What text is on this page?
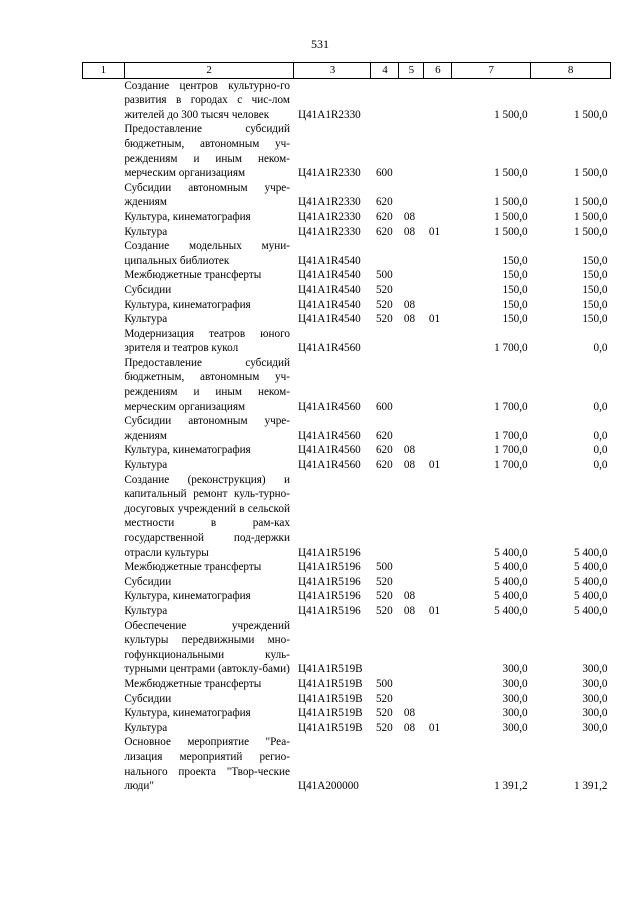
531
1	2	3	4	5	6	7	8
	Создание центров культурно-го развития в городах с чис-лом жителей до 300 тысяч человек	Ц41А1R2330				1 500,0	1 500,0
	Предоставление субсидий бюджетным, автономным уч-реждениям и иным неком-мерческим организациям	Ц41А1R2330	600			1 500,0	1 500,0
	Субсидии автономным учре-ждениям	Ц41А1R2330	620			1 500,0	1 500,0
	Культура, кинематография	Ц41А1R2330	620	08		1 500,0	1 500,0
	Культура	Ц41А1R2330	620	08	01	1 500,0	1 500,0
	Создание модельных муни-ципальных библиотек	Ц41А1R4540				150,0	150,0
	Межбюджетные трансферты	Ц41А1R4540	500			150,0	150,0
	Субсидии	Ц41А1R4540	520			150,0	150,0
	Культура, кинематография	Ц41А1R4540	520	08		150,0	150,0
	Культура	Ц41А1R4540	520	08	01	150,0	150,0
	Модернизация театров юного зрителя и театров кукол	Ц41А1R4560				1 700,0	0,0
	Предоставление субсидий бюджетным, автономным уч-реждениям и иным неком-мерческим организациям	Ц41А1R4560	600			1 700,0	0,0
	Субсидии автономным учре-ждениям	Ц41А1R4560	620			1 700,0	0,0
	Культура, кинематография	Ц41А1R4560	620	08		1 700,0	0,0
	Культура	Ц41А1R4560	620	08	01	1 700,0	0,0
	Создание (реконструкция) и капитальный ремонт куль-турно-досуговых учреждений в сельской местности в рам-ках государственной под-держки отрасли культуры	Ц41А1R5196				5 400,0	5 400,0
	Межбюджетные трансферты	Ц41А1R5196	500			5 400,0	5 400,0
	Субсидии	Ц41А1R5196	520			5 400,0	5 400,0
	Культура, кинематография	Ц41А1R5196	520	08		5 400,0	5 400,0
	Культура	Ц41А1R5196	520	08	01	5 400,0	5 400,0
	Обеспечение учреждений культуры передвижными мно-гофункциональными куль-турными центрами (автоклу-бами)	Ц41А1R519В				300,0	300,0
	Межбюджетные трансферты	Ц41А1R519В	500			300,0	300,0
	Субсидии	Ц41А1R519В	520			300,0	300,0
	Культура, кинематография	Ц41А1R519В	520	08		300,0	300,0
	Культура	Ц41А1R519В	520	08	01	300,0	300,0
	Основное мероприятие "Реа-лизация мероприятий регио-нального проекта "Твор-ческие люди"	Ц41А200000				1 391,2	1 391,2
